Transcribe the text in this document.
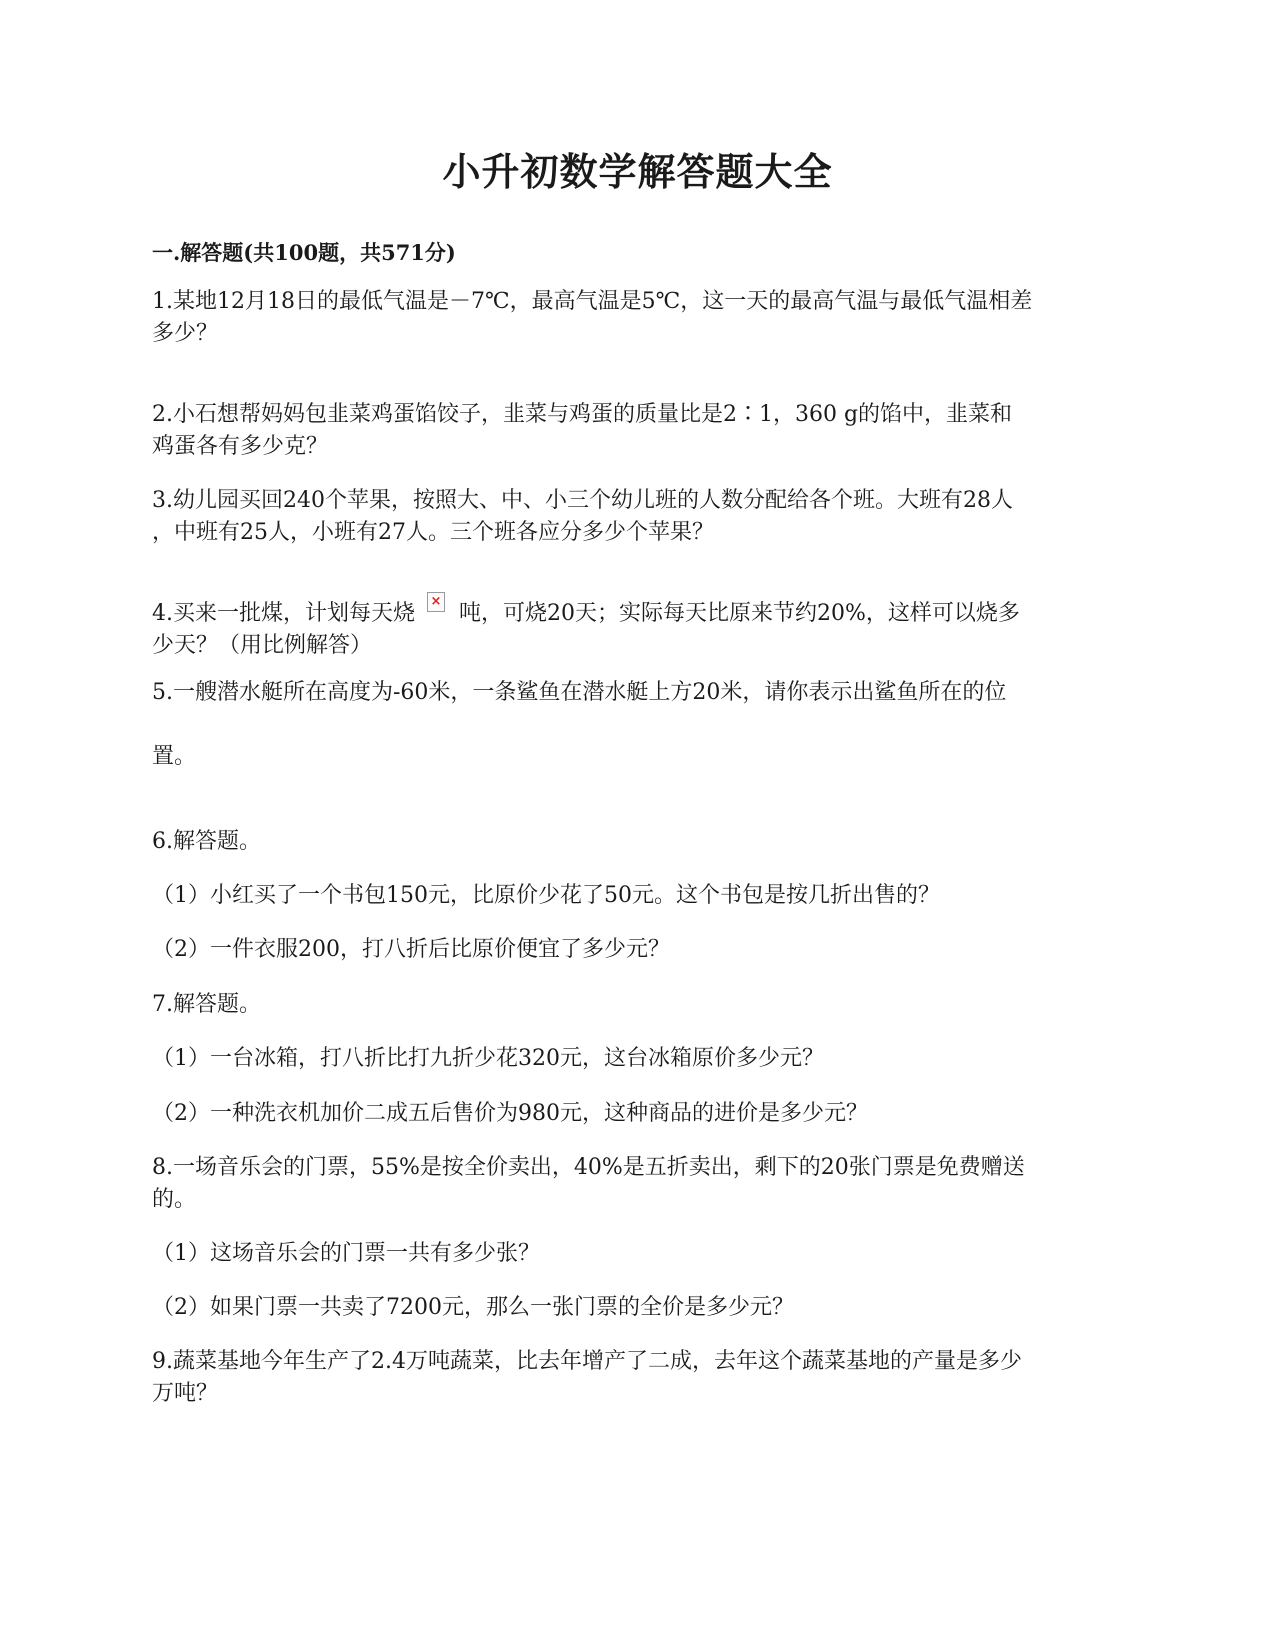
小升初数学解答题大全
一.解答题(共100题，共571分)
1.某地12月18日的最低气温是－7℃，最高气温是5℃，这一天的最高气温与最低气温相差
多少？
2.小石想帮妈妈包韭菜鸡蛋馅饺子，韭菜与鸡蛋的质量比是2∶1，360 g的馅中，韭菜和
鸡蛋各有多少克？
3.幼儿园买回240个苹果，按照大、中、小三个幼儿班的人数分配给各个班。大班有28人
，中班有25人，小班有27人。三个班各应分多少个苹果？
4.买来一批煤，计划每天烧 × 吨，可烧20天；实际每天比原来节约20%，这样可以烧多
少天？（用比例解答）
5.一艘潜水艇所在高度为-60米，一条鲨鱼在潜水艇上方20米，请你表示出鲨鱼所在的位
置。
6.解答题。
（1）小红买了一个书包150元，比原价少花了50元。这个书包是按几折出售的？
（2）一件衣服200，打八折后比原价便宜了多少元？
7.解答题。
（1）一台冰箱，打八折比打九折少花320元，这台冰箱原价多少元？
（2）一种洗衣机加价二成五后售价为980元，这种商品的进价是多少元？
8.一场音乐会的门票，55%是按全价卖出，40%是五折卖出，剩下的20张门票是免费赠送
的。
（1）这场音乐会的门票一共有多少张？
（2）如果门票一共卖了7200元，那么一张门票的全价是多少元？
9.蔬菜基地今年生产了2.4万吨蔬菜，比去年增产了二成，去年这个蔬菜基地的产量是多少
万吨？
